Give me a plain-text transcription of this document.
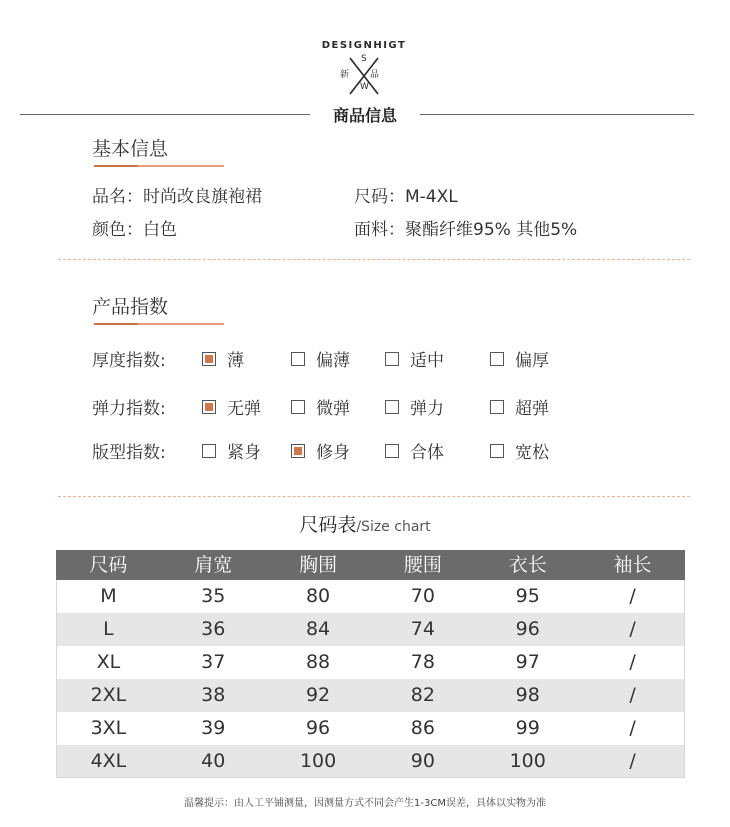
DESIGNHIGT
S
新 品
W
商品信息
基本信息
品名：时尚改良旗袍裙	尺码：M-4XL
颜色：白色	面料：聚酯纤维95% 其他5%
产品指数
厚度指数:	薄	偏薄	适中	偏厚
弹力指数:	无弹	微弹	弹力	超弹
版型指数:	紧身	修身	合体	宽松
尺码表/Size chart
尺码	肩宽	胸围	腰围	衣长	袖长
M	35	80	70	95	/
L	36	84	74	96	/
XL	37	88	78	97	/
2XL	38	92	82	98	/
3XL	39	96	86	99	/
4XL	40	100	90	100	/
温馨提示：由人工平铺测量，因测量方式不同会产生1-3CM误差，具体以实物为准
